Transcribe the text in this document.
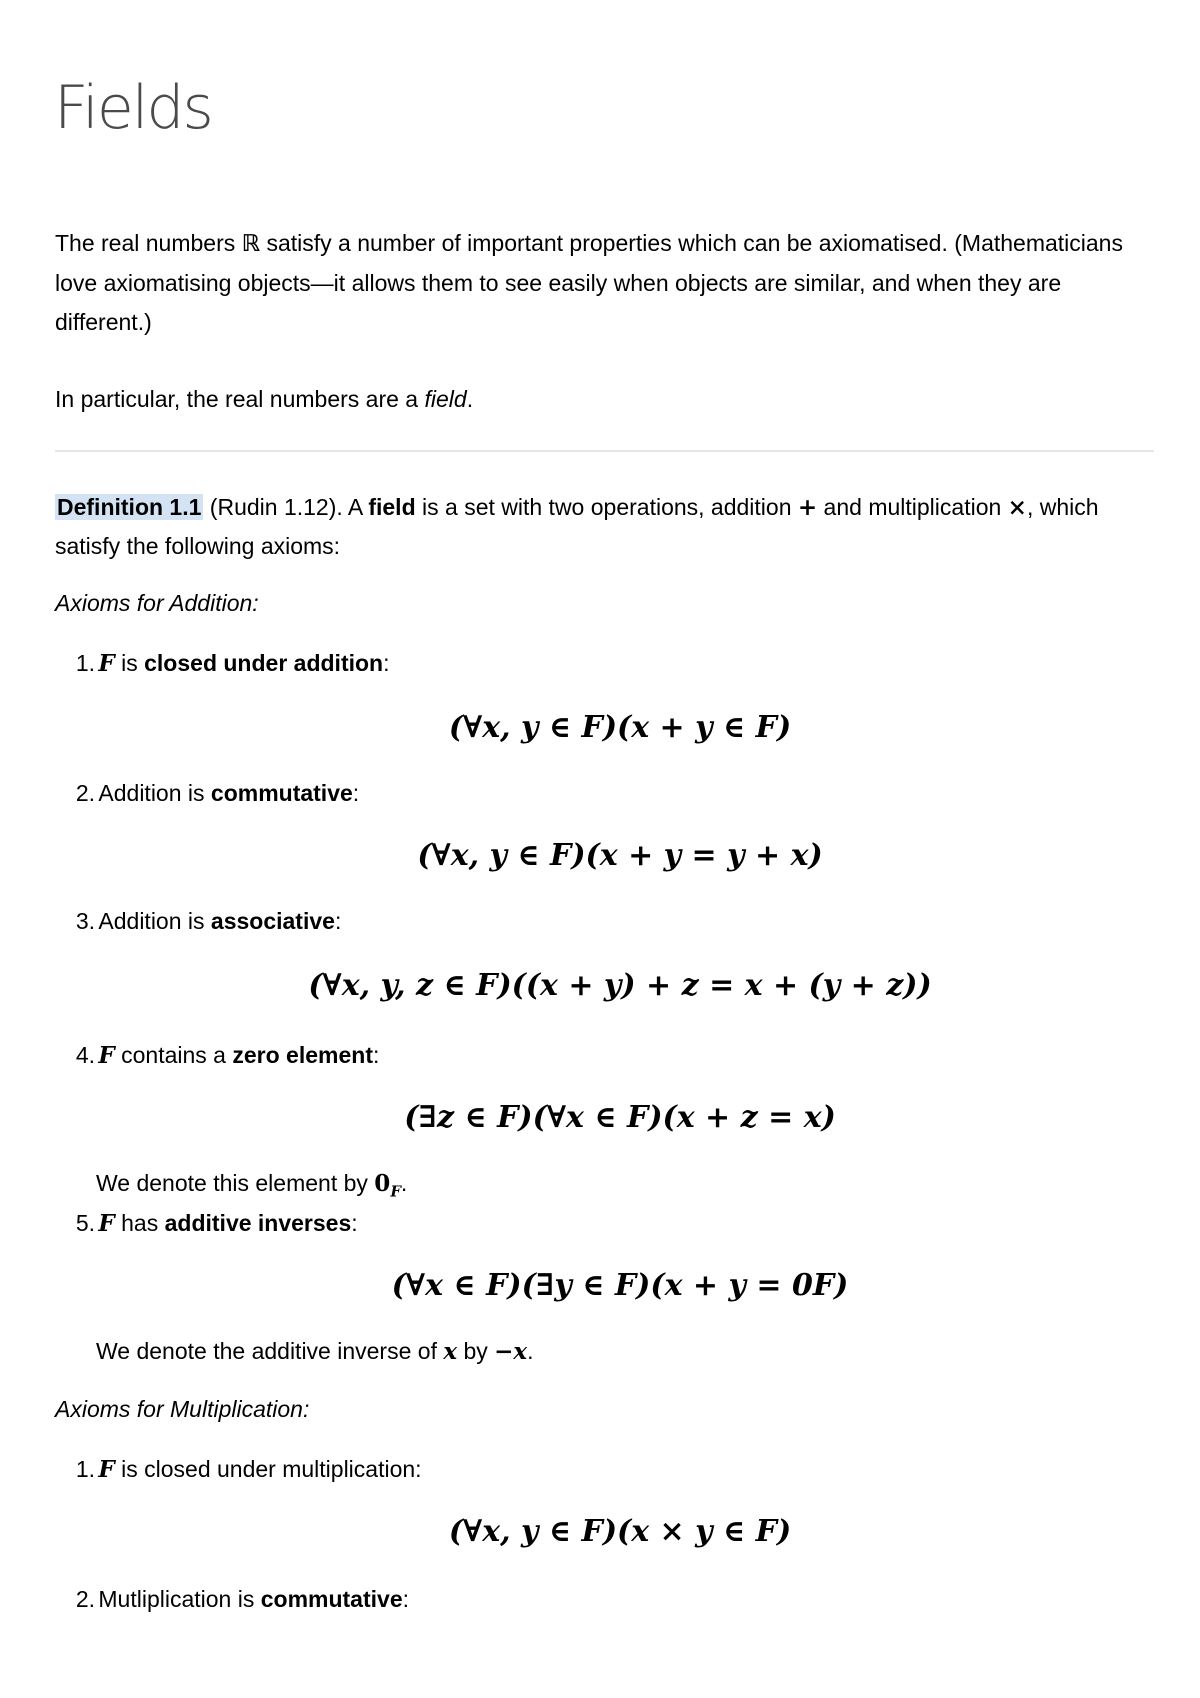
Fields

The real numbers ℝ satisfy a number of important properties which can be axiomatised. (Mathematicians love axiomatising objects—it allows them to see easily when objects are similar, and when they are different.)

In particular, the real numbers are a field.

Definition 1.1 (Rudin 1.12). A field is a set with two operations, addition + and multiplication ×, which satisfy the following axioms:

Axioms for Addition:

1. F is closed under addition:

(∀x, y ∈ F)(x + y ∈ F)

2. Addition is commutative:

(∀x, y ∈ F)(x + y = y + x)

3. Addition is associative:

(∀x, y, z ∈ F)((x + y) + z = x + (y + z))

4. F contains a zero element:

(∃z ∈ F)(∀x ∈ F)(x + z = x)

We denote this element by $0_F$.

5. F has additive inverses:

(∀x ∈ F)(∃y ∈ F)(x + y = 0F)

We denote the additive inverse of x by −x.

Axioms for Multiplication:

1. F is closed under multiplication:

(∀x, y ∈ F)(x × y ∈ F)

2. Mutliplication is commutative:
